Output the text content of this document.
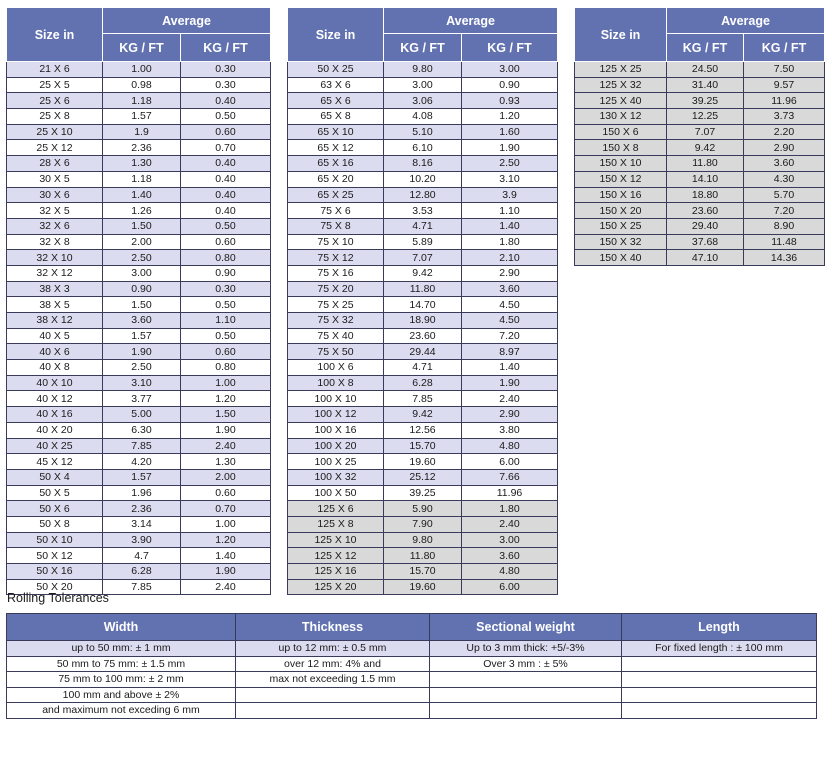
Size in	Average	
	KG / FT	KG / FT
21 X 6	1.00	0.30
25 X 5	0.98	0.30
25 X 6	1.18	0.40
25 X 8	1.57	0.50
25 X 10	1.9	0.60
25 X 12	2.36	0.70
28 X 6	1.30	0.40
30 X 5	1.18	0.40
30 X 6	1.40	0.40
32 X 5	1.26	0.40
32 X 6	1.50	0.50
32 X 8	2.00	0.60
32 X 10	2.50	0.80
32 X 12	3.00	0.90
38 X 3	0.90	0.30
38 X 5	1.50	0.50
38 X 12	3.60	1.10
40 X 5	1.57	0.50
40 X 6	1.90	0.60
40 X 8	2.50	0.80
40 X 10	3.10	1.00
40 X 12	3.77	1.20
40 X 16	5.00	1.50
40 X 20	6.30	1.90
40 X 25	7.85	2.40
45 X 12	4.20	1.30
50 X 4	1.57	2.00
50 X 5	1.96	0.60
50 X 6	2.36	0.70
50 X 8	3.14	1.00
50 X 10	3.90	1.20
50 X 12	4.7	1.40
50 X 16	6.28	1.90
50 X 20	7.85	2.40
Size in	Average	
	KG / FT	KG / FT
50 X 25	9.80	3.00
63 X 6	3.00	0.90
65 X 6	3.06	0.93
65 X 8	4.08	1.20
65 X 10	5.10	1.60
65 X 12	6.10	1.90
65 X 16	8.16	2.50
65 X 20	10.20	3.10
65 X 25	12.80	3.9
75 X 6	3.53	1.10
75 X 8	4.71	1.40
75 X 10	5.89	1.80
75 X 12	7.07	2.10
75 X 16	9.42	2.90
75 X 20	11.80	3.60
75 X 25	14.70	4.50
75 X 32	18.90	4.50
75 X 40	23.60	7.20
75 X 50	29.44	8.97
100 X 6	4.71	1.40
100 X 8	6.28	1.90
100 X 10	7.85	2.40
100 X 12	9.42	2.90
100 X 16	12.56	3.80
100 X 20	15.70	4.80
100 X 25	19.60	6.00
100 X 32	25.12	7.66
100 X 50	39.25	11.96
125 X 6	5.90	1.80
125 X 8	7.90	2.40
125 X 10	9.80	3.00
125 X 12	11.80	3.60
125 X 16	15.70	4.80
125 X 20	19.60	6.00
Size in	Average	
	KG / FT	KG / FT
125 X 25	24.50	7.50
125 X 32	31.40	9.57
125 X 40	39.25	11.96
130 X 12	12.25	3.73
150 X 6	7.07	2.20
150 X 8	9.42	2.90
150 X 10	11.80	3.60
150 X 12	14.10	4.30
150 X 16	18.80	5.70
150 X 20	23.60	7.20
150 X 25	29.40	8.90
150 X 32	37.68	11.48
150 X 40	47.10	14.36
Rolling Tolerances
Width	Thickness	Sectional weight	Length
up to 50 mm: ± 1 mm	up to 12 mm: ± 0.5 mm	Up to 3 mm thick: +5/-3%	For fixed length : ± 100 mm
50 mm to 75 mm: ± 1.5 mm	over 12 mm: 4% and	Over 3 mm : ± 5%	
75 mm to 100 mm: ± 2 mm	max not exceeding 1.5 mm		
100 mm and above ± 2%			
and maximum not exceding 6 mm			
